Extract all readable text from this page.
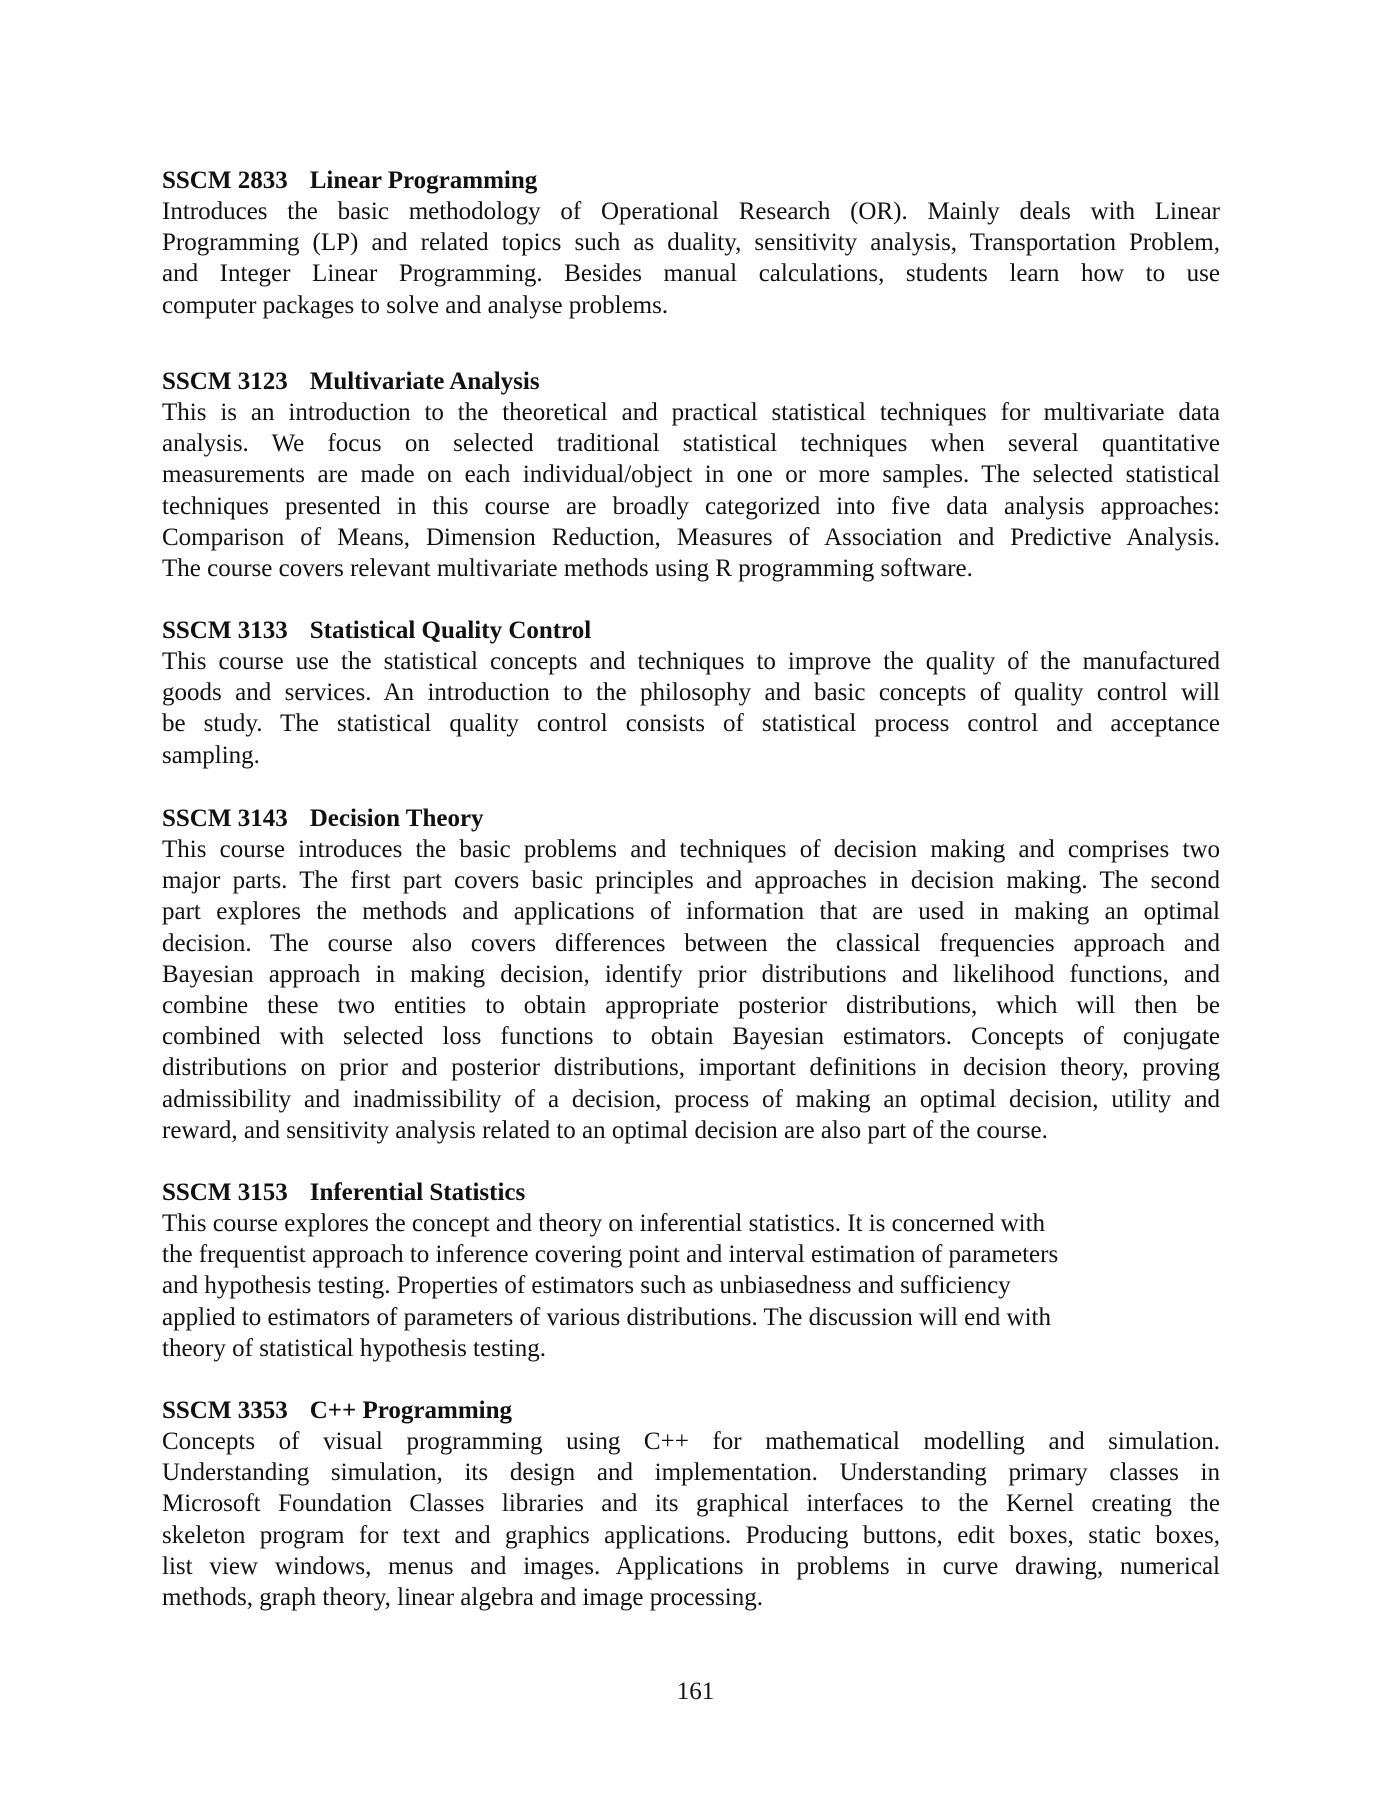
SSCM 2833 Linear Programming
Introduces the basic methodology of Operational Research (OR). Mainly deals with Linear
Programming (LP) and related topics such as duality, sensitivity analysis, Transportation Problem,
and Integer Linear Programming. Besides manual calculations, students learn how to use
computer packages to solve and analyse problems.
SSCM 3123 Multivariate Analysis
This is an introduction to the theoretical and practical statistical techniques for multivariate data
analysis. We focus on selected traditional statistical techniques when several quantitative
measurements are made on each individual/object in one or more samples. The selected statistical
techniques presented in this course are broadly categorized into five data analysis approaches:
Comparison of Means, Dimension Reduction, Measures of Association and Predictive Analysis.
The course covers relevant multivariate methods using R programming software.
SSCM 3133 Statistical Quality Control
This course use the statistical concepts and techniques to improve the quality of the manufactured
goods and services. An introduction to the philosophy and basic concepts of quality control will
be study. The statistical quality control consists of statistical process control and acceptance
sampling.
SSCM 3143 Decision Theory
This course introduces the basic problems and techniques of decision making and comprises two
major parts. The first part covers basic principles and approaches in decision making. The second
part explores the methods and applications of information that are used in making an optimal
decision. The course also covers differences between the classical frequencies approach and
Bayesian approach in making decision, identify prior distributions and likelihood functions, and
combine these two entities to obtain appropriate posterior distributions, which will then be
combined with selected loss functions to obtain Bayesian estimators. Concepts of conjugate
distributions on prior and posterior distributions, important definitions in decision theory, proving
admissibility and inadmissibility of a decision, process of making an optimal decision, utility and
reward, and sensitivity analysis related to an optimal decision are also part of the course.
SSCM 3153 Inferential Statistics
This course explores the concept and theory on inferential statistics. It is concerned with
the frequentist approach to inference covering point and interval estimation of parameters
and hypothesis testing. Properties of estimators such as unbiasedness and sufficiency
applied to estimators of parameters of various distributions. The discussion will end with
theory of statistical hypothesis testing.
SSCM 3353 C++ Programming
Concepts of visual programming using C++ for mathematical modelling and simulation.
Understanding simulation, its design and implementation. Understanding primary classes in
Microsoft Foundation Classes libraries and its graphical interfaces to the Kernel creating the
skeleton program for text and graphics applications. Producing buttons, edit boxes, static boxes,
list view windows, menus and images. Applications in problems in curve drawing, numerical
methods, graph theory, linear algebra and image processing.
161
